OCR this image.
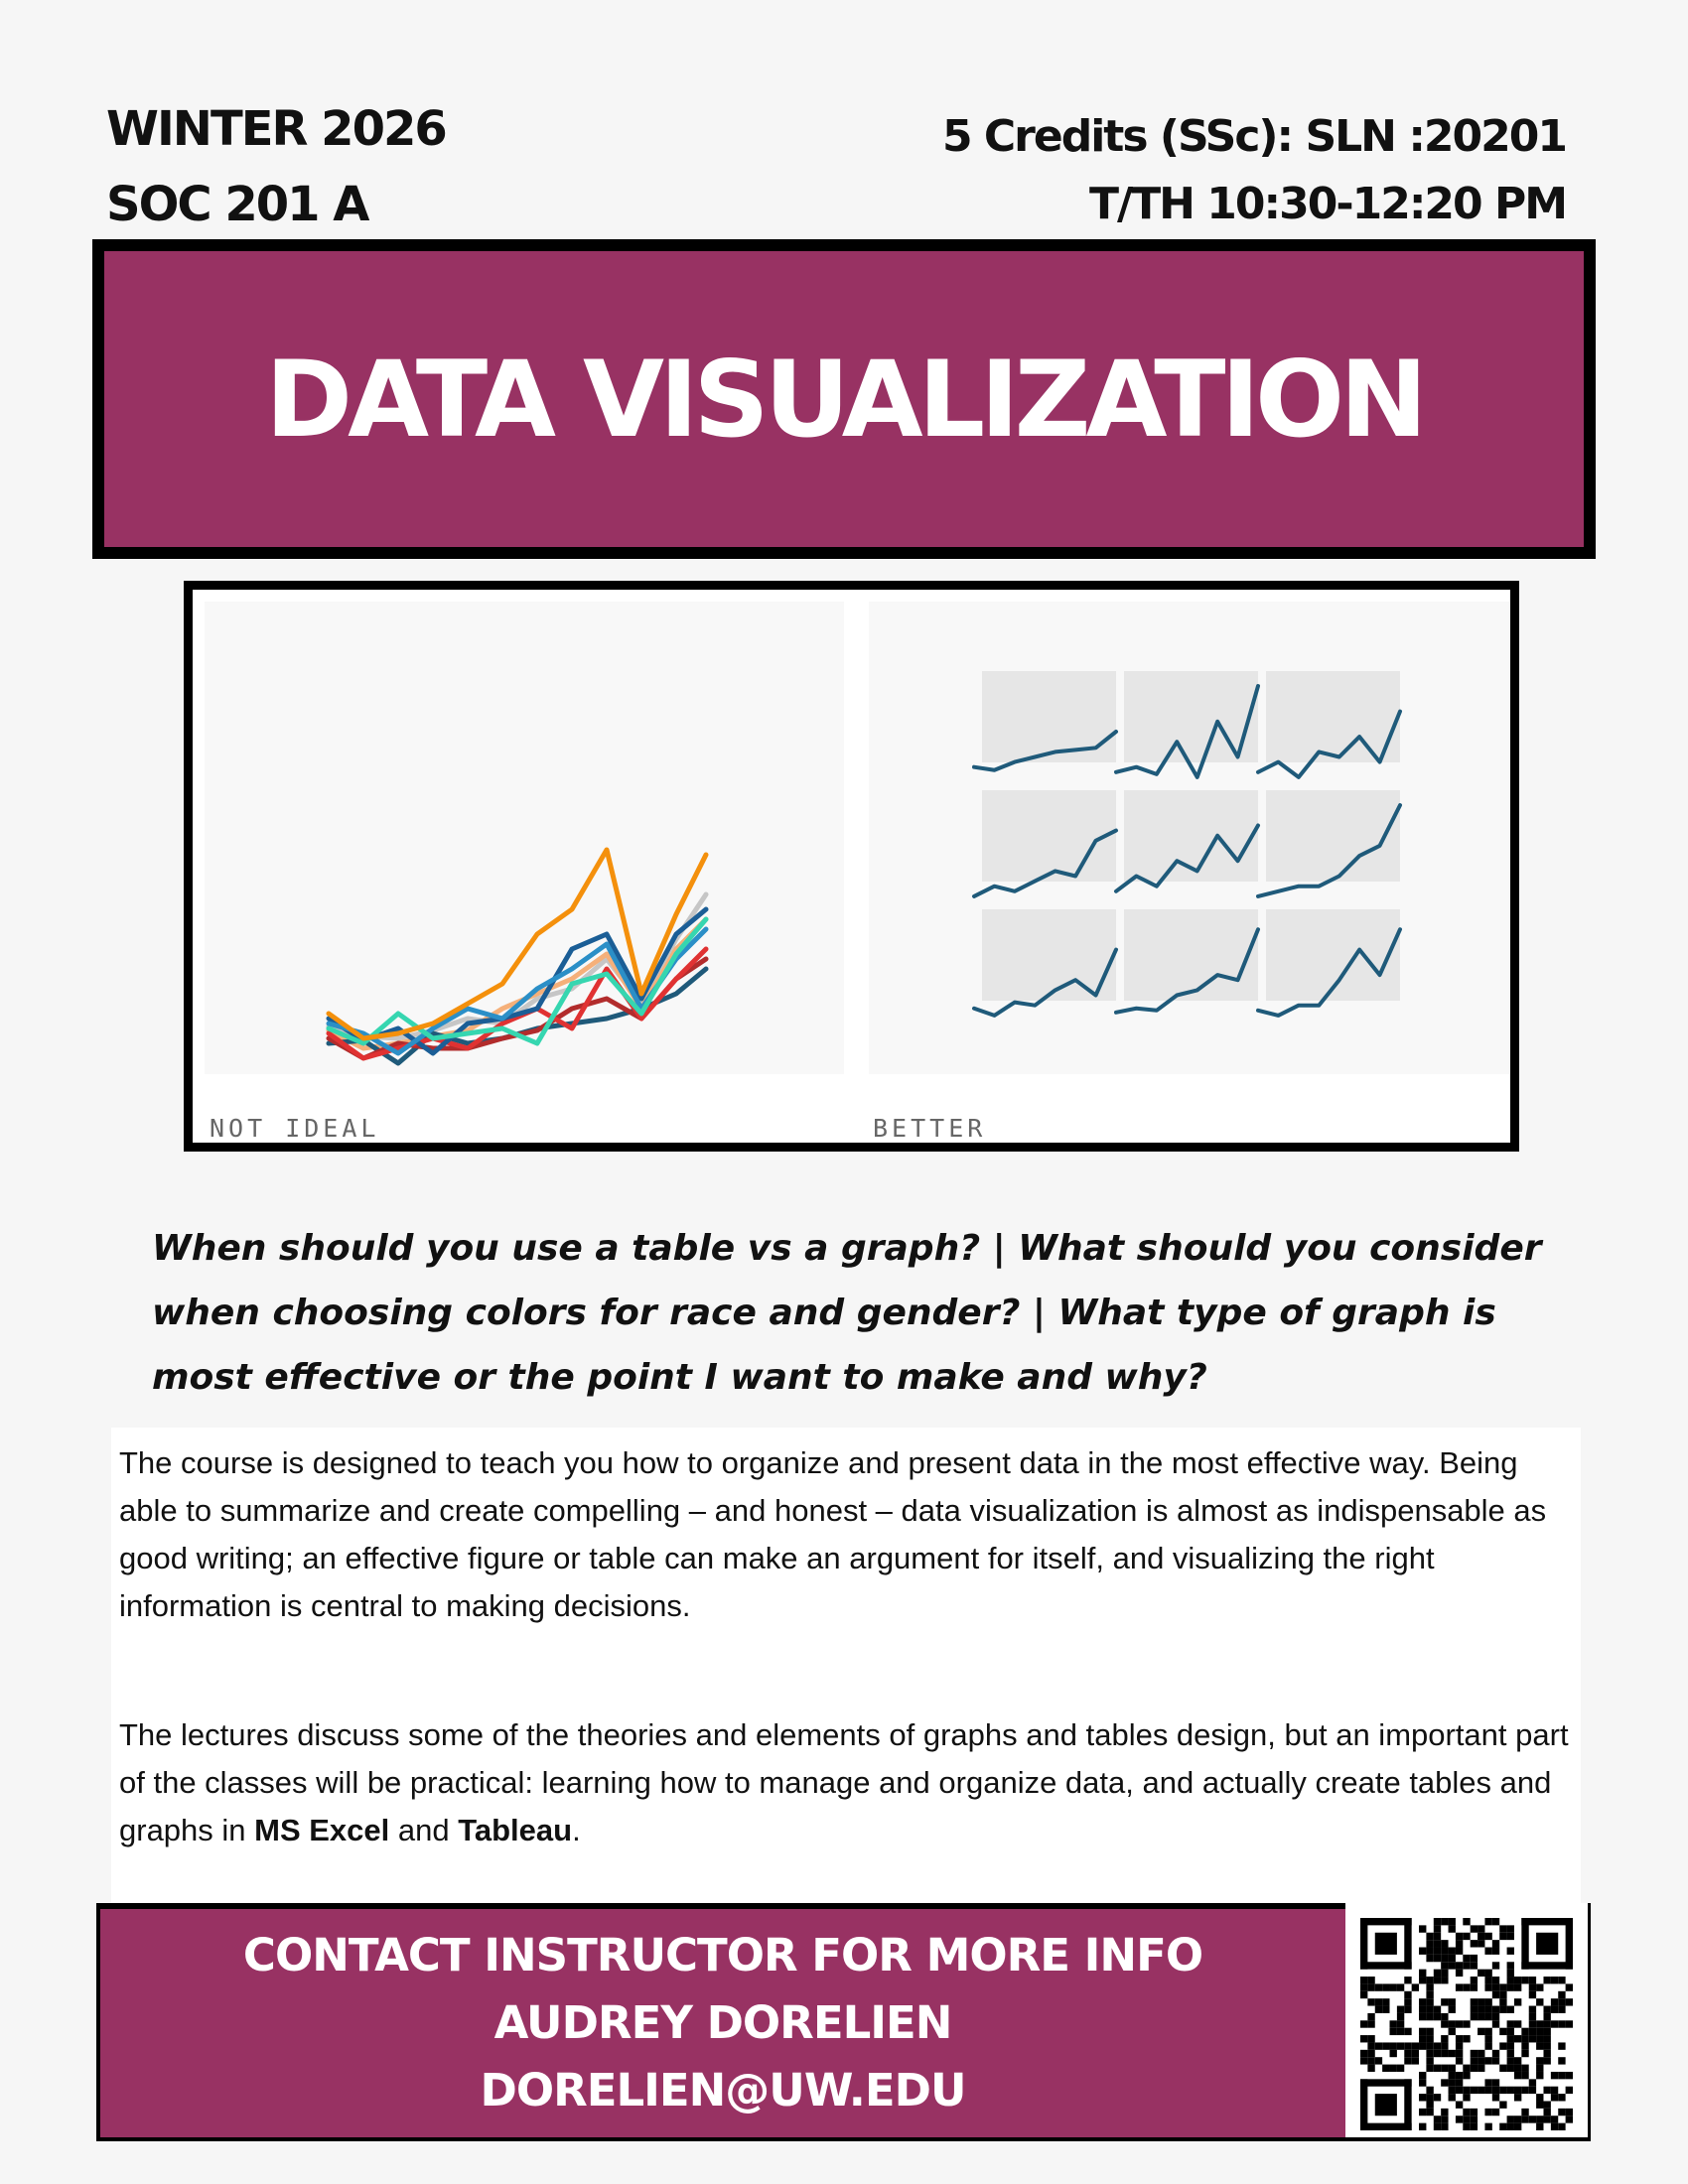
WINTER 2026
SOC 201 A
5 Credits (SSc): SLN :20201
T/TH 10:30-12:20 PM
DATA VISUALIZATION
NOT IDEAL	BETTER
When should you use a table vs a graph? | What should you consider when choosing colors for race and gender? | What type of graph is most effective or the point I want to make and why?

The course is designed to teach you how to organize and present data in the most effective way. Being able to summarize and create compelling – and honest – data visualization is almost as indispensable as good writing; an effective figure or table can make an argument for itself, and visualizing the right information is central to making decisions.

The lectures discuss some of the theories and elements of graphs and tables design, but an important part of the classes will be practical: learning how to manage and organize data, and actually create tables and graphs in MS Excel and Tableau.

CONTACT INSTRUCTOR FOR MORE INFO
AUDREY DORELIEN
DORELIEN@UW.EDU
